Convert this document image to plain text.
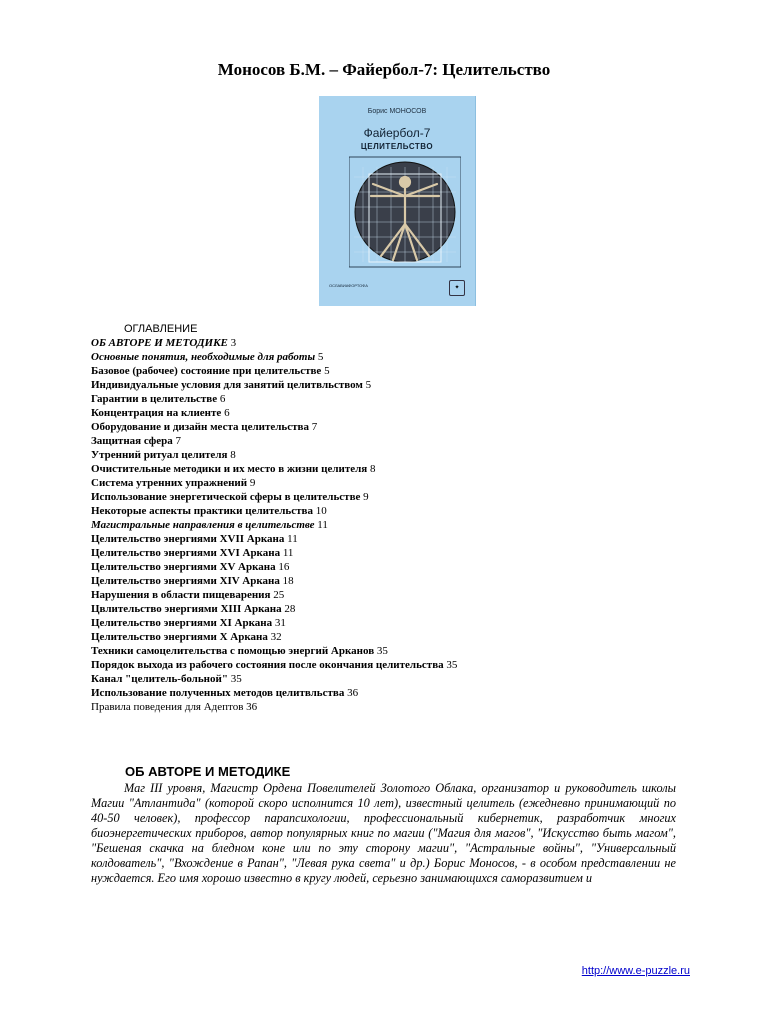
Моносов Б.М. – Файербол-7: Целительство
Борис МОНОСОВ
Файербол-7
ЦЕЛИТЕЛЬСТВО
ОСЛАВИАФОРТОФА	✦
ОГЛАВЛЕНИЕ
ОБ АВТОРЕ И МЕТОДИКЕ 3
Основные понятия, необходимые для работы 5
Базовое (рабочее) состояние при целительстве 5
Индивидуальные условия для занятий целитвльством 5
Гарантии в целительстве 6
Концентрация на клиенте 6
Оборудование и дизайн места целительства 7
Защитная сфера 7
Утренний ритуал целителя 8
Очистительные методики и их место в жизни целителя 8
Система утренних упражнений 9
Использование энергетической сферы в целительстве 9
Некоторые аспекты практики целительства 10
Магистральные направления в целительстве 11
Целительство энергиями XVII Аркана 11
Целительство энергиями XVI Аркана 11
Целительство энергиями XV Аркана 16
Целительство энергиями XIV Аркана 18
Нарушения в области пищеварения 25
Цвлительство энергиями XIII Аркана 28
Целительство энергиями XI Аркана 31
Целительство энергиями X Аркана 32
Техники самоцелительства с помощью энергий Арканов 35
Порядок выхода из рабочего состояния после окончания целительства 35
Канал "целитель-больной" 35
Использование полученных методов целитвльства 36
Правила поведения для Адептов 36
ОБ АВТОРЕ И МЕТОДИКЕ

Маг III уровня, Магистр Ордена Повелителей Золотого Облака, организатор и руководитель школы Магии "Атлантида" (которой скоро исполнится 10 лет), известный целитель (ежедневно принимающий по 40-50 человек), профессор парапсихологии, профессиональный кибернетик, разработчик многих биоэнергетических приборов, автор популярных книг по магии ("Магия для магов", "Искусство быть магом", "Бешеная скачка на бледном коне или по эту сторону магии", "Астральные войны", "Универсальный колдователь", "Вхождение в Рапан", "Левая рука света" и др.) Борис Моносов, - в особом представлении не нуждается. Его имя хорошо известно в кругу людей, серьезно занимающихся саморазвитием и

http://www.e-puzzle.ru
